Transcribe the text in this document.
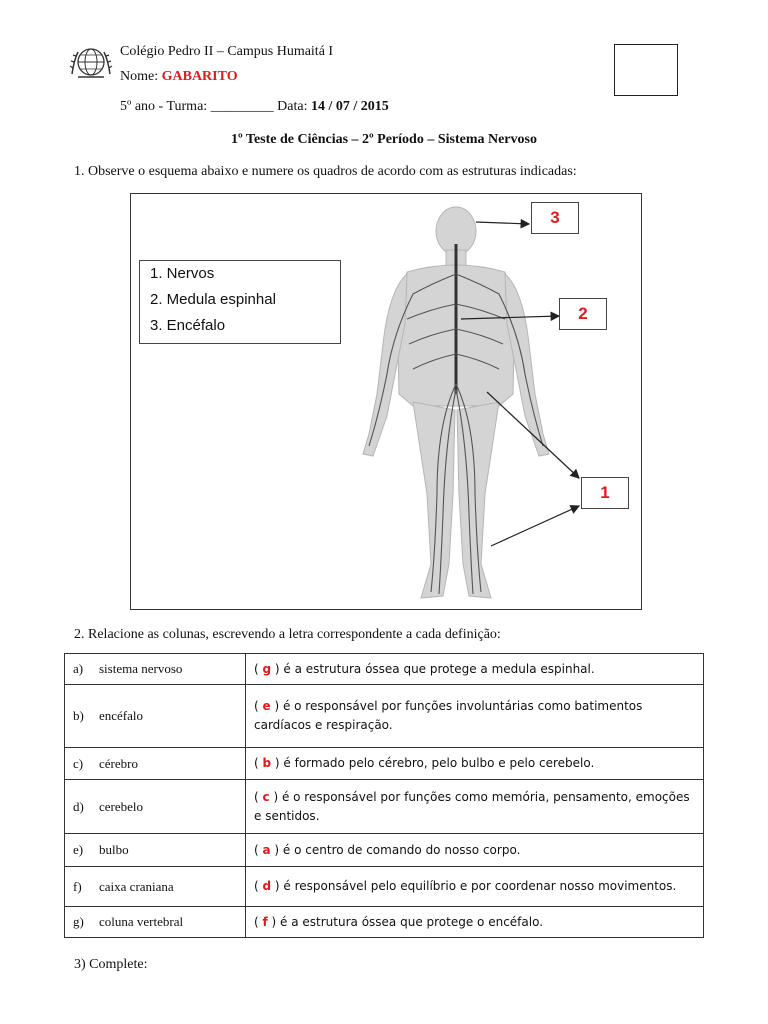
Colégio Pedro II – Campus Humaitá I
Nome: GABARITO
5º ano - Turma: _________ Data: 14 / 07 / 2015
1º Teste de Ciências – 2º Período – Sistema Nervoso
1. Observe o esquema abaixo e numere os quadros de acordo com as estruturas indicadas:
1. Nervos
2. Medula espinhal
3. Encéfalo
3
2
1
2. Relacione as colunas, escrevendo a letra correspondente a cada definição:
a) sistema nervoso	( g ) é a estrutura óssea que protege a medula espinhal.
b) encéfalo	( e ) é o responsável por funções involuntárias como batimentos cardíacos e respiração.
c) cérebro	( b ) é formado pelo cérebro, pelo bulbo e pelo cerebelo.
d) cerebelo	( c ) é o responsável por funções como memória, pensamento, emoções e sentidos.
e) bulbo	( a ) é o centro de comando do nosso corpo.
f) caixa craniana	( d ) é responsável pelo equilíbrio e por coordenar nosso movimentos.
g) coluna vertebral	( f ) é a estrutura óssea que protege o encéfalo.
3) Complete:
